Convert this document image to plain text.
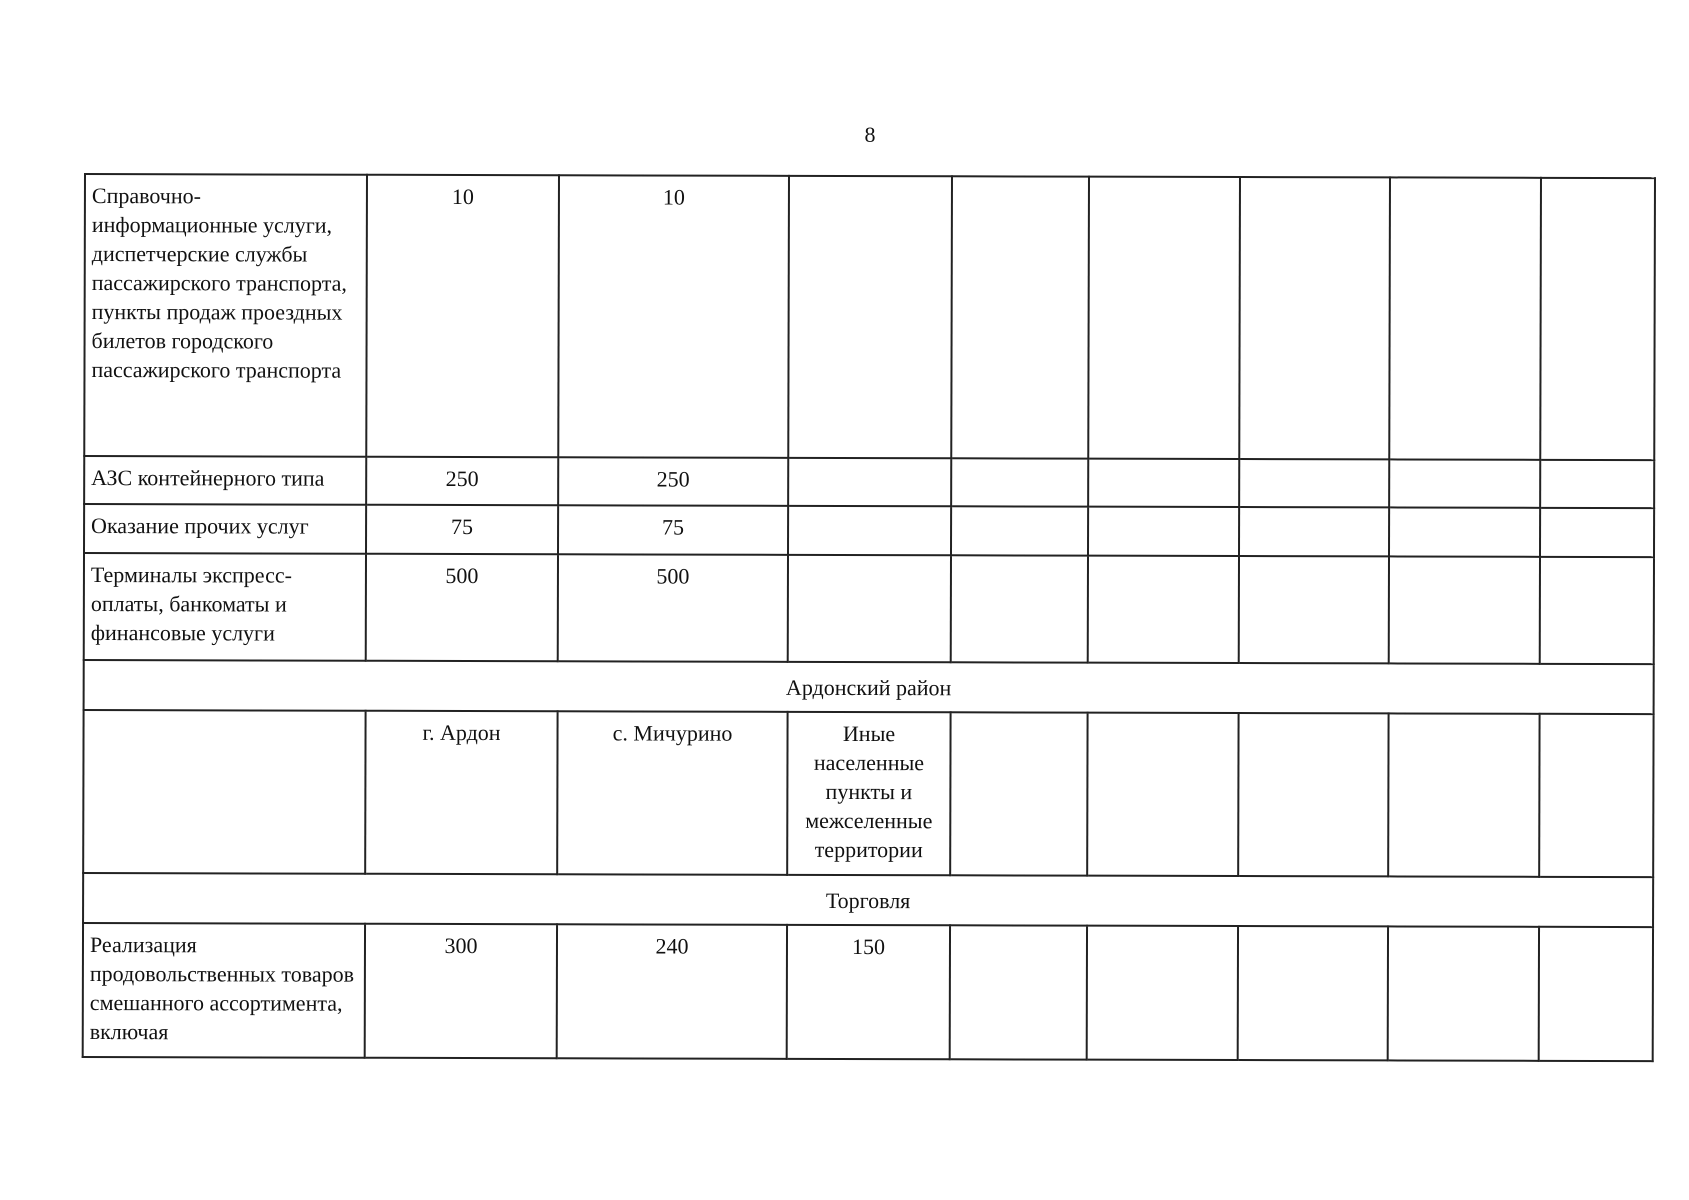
8
Справочно-информационные услуги, диспетчерские службы пассажирского транспорта, пункты продаж проездных билетов городского пассажирского транспорта	10	10						
АЗС контейнерного типа	250	250						
Оказание прочих услуг	75	75						
Терминалы экспресс-оплаты, банкоматы и финансовые услуги	500	500						
Ардонский район								
	г. Ардон	с. Мичурино	Иные населенные пункты и межселенные территории					
Торговля								
Реализация продовольственных товаров смешанного ассортимента, включая	300	240	150					
